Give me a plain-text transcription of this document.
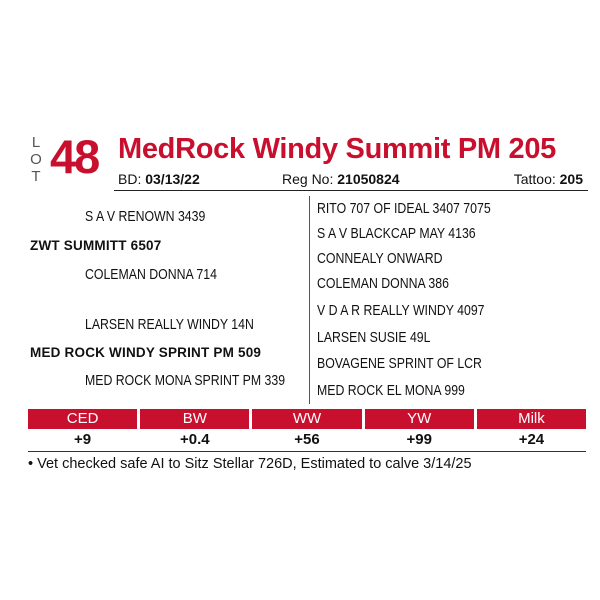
L
O
T 48 MedRock Windy Summit PM 205
BD: 03/13/22	Reg No: 21050824	Tattoo: 205
S A V RENOWN 3439
ZWT SUMMITT 6507
COLEMAN DONNA 714
LARSEN REALLY WINDY 14N
MED ROCK WINDY SPRINT PM 509
MED ROCK MONA SPRINT PM 339
RITO 707 OF IDEAL 3407 7075
S A V BLACKCAP MAY 4136
CONNEALY ONWARD
COLEMAN DONNA 386
V D A R REALLY WINDY 4097
LARSEN SUSIE 49L
BOVAGENE SPRINT OF LCR
MED ROCK EL MONA 999
CED	BW	WW	YW	Milk
+9	+0.4	+56	+99	+24
• Vet checked safe AI to Sitz Stellar 726D, Estimated to calve 3/14/25
